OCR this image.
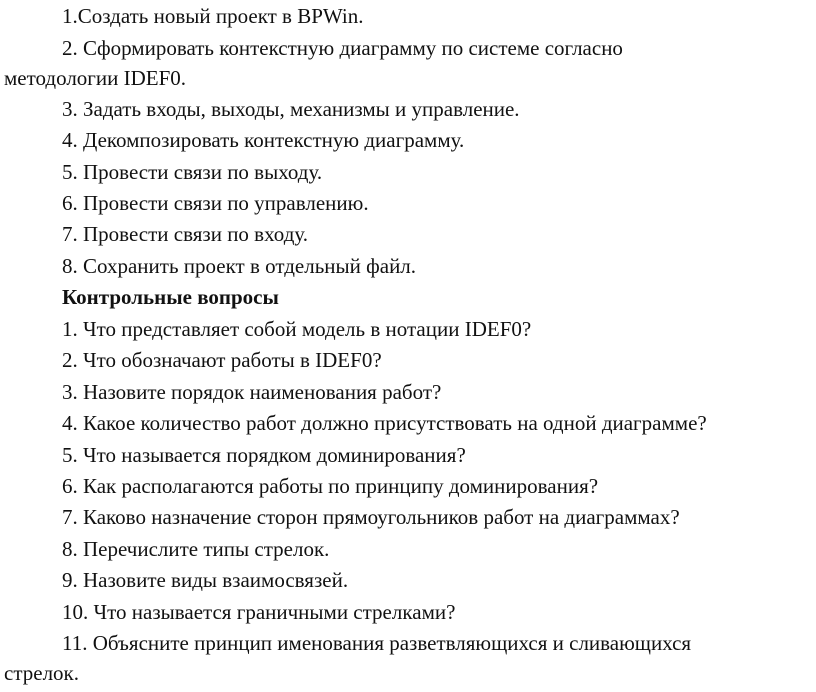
1.Создать новый проект в BPWin.
2. Сформировать контекстную диаграмму по системе согласно
методологии IDEF0.
3. Задать входы, выходы, механизмы и управление.
4. Декомпозировать контекстную диаграмму.
5. Провести связи по выходу.
6. Провести связи по управлению.
7. Провести связи по входу.
8. Сохранить проект в отдельный файл.
Контрольные вопросы
1. Что представляет собой модель в нотации IDEF0?
2. Что обозначают работы в IDEF0?
3. Назовите порядок наименования работ?
4. Какое количество работ должно присутствовать на одной диаграмме?
5. Что называется порядком доминирования?
6. Как располагаются работы по принципу доминирования?
7. Каково назначение сторон прямоугольников работ на диаграммах?
8. Перечислите типы стрелок.
9. Назовите виды взаимосвязей.
10. Что называется граничными стрелками?
11. Объясните принцип именования разветвляющихся и сливающихся
стрелок.
